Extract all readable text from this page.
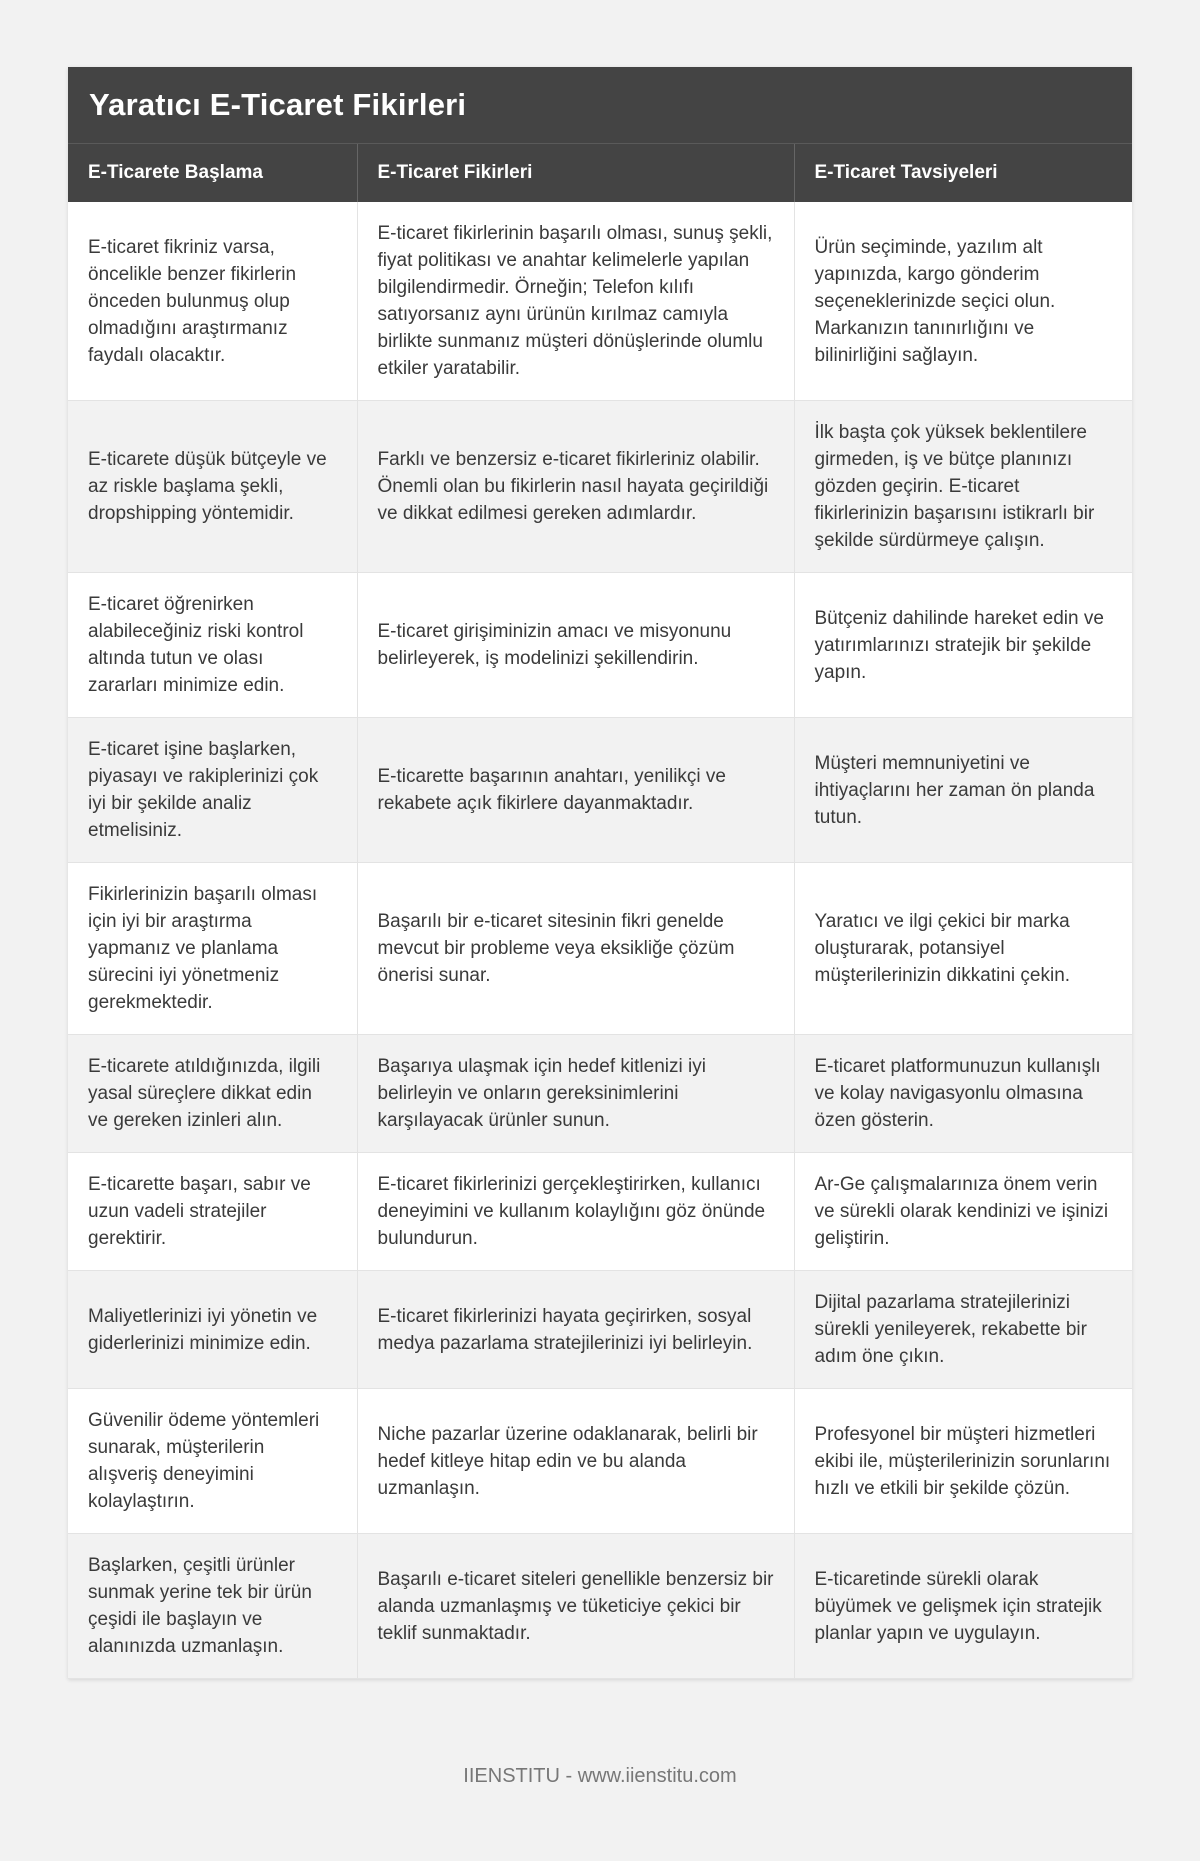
Yaratıcı E-Ticaret Fikirleri
E-Ticarete Başlama	E-Ticaret Fikirleri	E-Ticaret Tavsiyeleri
E-ticaret fikriniz varsa, öncelikle benzer fikirlerin önceden bulunmuş olup olmadığını araştırmanız faydalı olacaktır.	E-ticaret fikirlerinin başarılı olması, sunuş şekli, fiyat politikası ve anahtar kelimelerle yapılan bilgilendirmedir. Örneğin; Telefon kılıfı satıyorsanız aynı ürünün kırılmaz camıyla birlikte sunmanız müşteri dönüşlerinde olumlu etkiler yaratabilir.	Ürün seçiminde, yazılım alt yapınızda, kargo gönderim seçeneklerinizde seçici olun. Markanızın tanınırlığını ve bilinirliğini sağlayın.
E-ticarete düşük bütçeyle ve az riskle başlama şekli, dropshipping yöntemidir.	Farklı ve benzersiz e-ticaret fikirleriniz olabilir. Önemli olan bu fikirlerin nasıl hayata geçirildiği ve dikkat edilmesi gereken adımlardır.	İlk başta çok yüksek beklentilere girmeden, iş ve bütçe planınızı gözden geçirin. E-ticaret fikirlerinizin başarısını istikrarlı bir şekilde sürdürmeye çalışın.
E-ticaret öğrenirken alabileceğiniz riski kontrol altında tutun ve olası zararları minimize edin.	E-ticaret girişiminizin amacı ve misyonunu belirleyerek, iş modelinizi şekillendirin.	Bütçeniz dahilinde hareket edin ve yatırımlarınızı stratejik bir şekilde yapın.
E-ticaret işine başlarken, piyasayı ve rakiplerinizi çok iyi bir şekilde analiz etmelisiniz.	E-ticarette başarının anahtarı, yenilikçi ve rekabete açık fikirlere dayanmaktadır.	Müşteri memnuniyetini ve ihtiyaçlarını her zaman ön planda tutun.
Fikirlerinizin başarılı olması için iyi bir araştırma yapmanız ve planlama sürecini iyi yönetmeniz gerekmektedir.	Başarılı bir e-ticaret sitesinin fikri genelde mevcut bir probleme veya eksikliğe çözüm önerisi sunar.	Yaratıcı ve ilgi çekici bir marka oluşturarak, potansiyel müşterilerinizin dikkatini çekin.
E-ticarete atıldığınızda, ilgili yasal süreçlere dikkat edin ve gereken izinleri alın.	Başarıya ulaşmak için hedef kitlenizi iyi belirleyin ve onların gereksinimlerini karşılayacak ürünler sunun.	E-ticaret platformunuzun kullanışlı ve kolay navigasyonlu olmasına özen gösterin.
E-ticarette başarı, sabır ve uzun vadeli stratejiler gerektirir.	E-ticaret fikirlerinizi gerçekleştirirken, kullanıcı deneyimini ve kullanım kolaylığını göz önünde bulundurun.	Ar-Ge çalışmalarınıza önem verin ve sürekli olarak kendinizi ve işinizi geliştirin.
Maliyetlerinizi iyi yönetin ve giderlerinizi minimize edin.	E-ticaret fikirlerinizi hayata geçirirken, sosyal medya pazarlama stratejilerinizi iyi belirleyin.	Dijital pazarlama stratejilerinizi sürekli yenileyerek, rekabette bir adım öne çıkın.
Güvenilir ödeme yöntemleri sunarak, müşterilerin alışveriş deneyimini kolaylaştırın.	Niche pazarlar üzerine odaklanarak, belirli bir hedef kitleye hitap edin ve bu alanda uzmanlaşın.	Profesyonel bir müşteri hizmetleri ekibi ile, müşterilerinizin sorunlarını hızlı ve etkili bir şekilde çözün.
Başlarken, çeşitli ürünler sunmak yerine tek bir ürün çeşidi ile başlayın ve alanınızda uzmanlaşın.	Başarılı e-ticaret siteleri genellikle benzersiz bir alanda uzmanlaşmış ve tüketiciye çekici bir teklif sunmaktadır.	E-ticaretinde sürekli olarak büyümek ve gelişmek için stratejik planlar yapın ve uygulayın.
IIENSTITU - www.iienstitu.com
